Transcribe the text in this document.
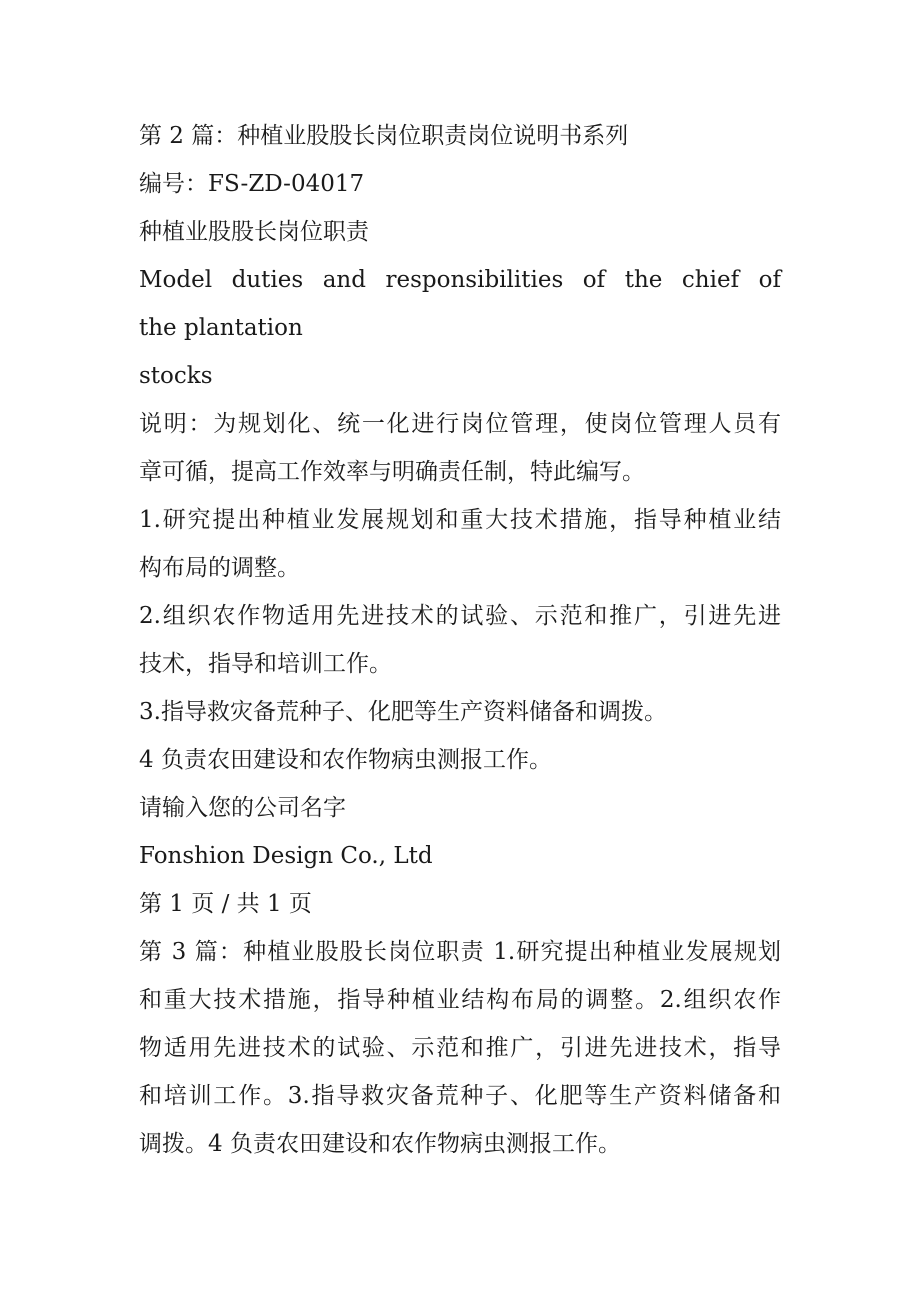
第 2 篇：种植业股股长岗位职责岗位说明书系列

编号：FS-ZD-04017

种植业股股长岗位职责

Model duties and responsibilities of the chief of

the plantation

stocks

说明：为规划化、统一化进行岗位管理，使岗位管理人员有

章可循，提高工作效率与明确责任制，特此编写。

1.研究提出种植业发展规划和重大技术措施，指导种植业结

构布局的调整。

2.组织农作物适用先进技术的试验、示范和推广，引进先进

技术，指导和培训工作。

3.指导救灾备荒种子、化肥等生产资料储备和调拨。

4 负责农田建设和农作物病虫测报工作。

请输入您的公司名字

Fonshion Design Co., Ltd

第 1 页 / 共 1 页

第 3 篇：种植业股股长岗位职责 1.研究提出种植业发展规划

和重大技术措施，指导种植业结构布局的调整。2.组织农作

物适用先进技术的试验、示范和推广，引进先进技术，指导

和培训工作。3.指导救灾备荒种子、化肥等生产资料储备和

调拨。4 负责农田建设和农作物病虫测报工作。
